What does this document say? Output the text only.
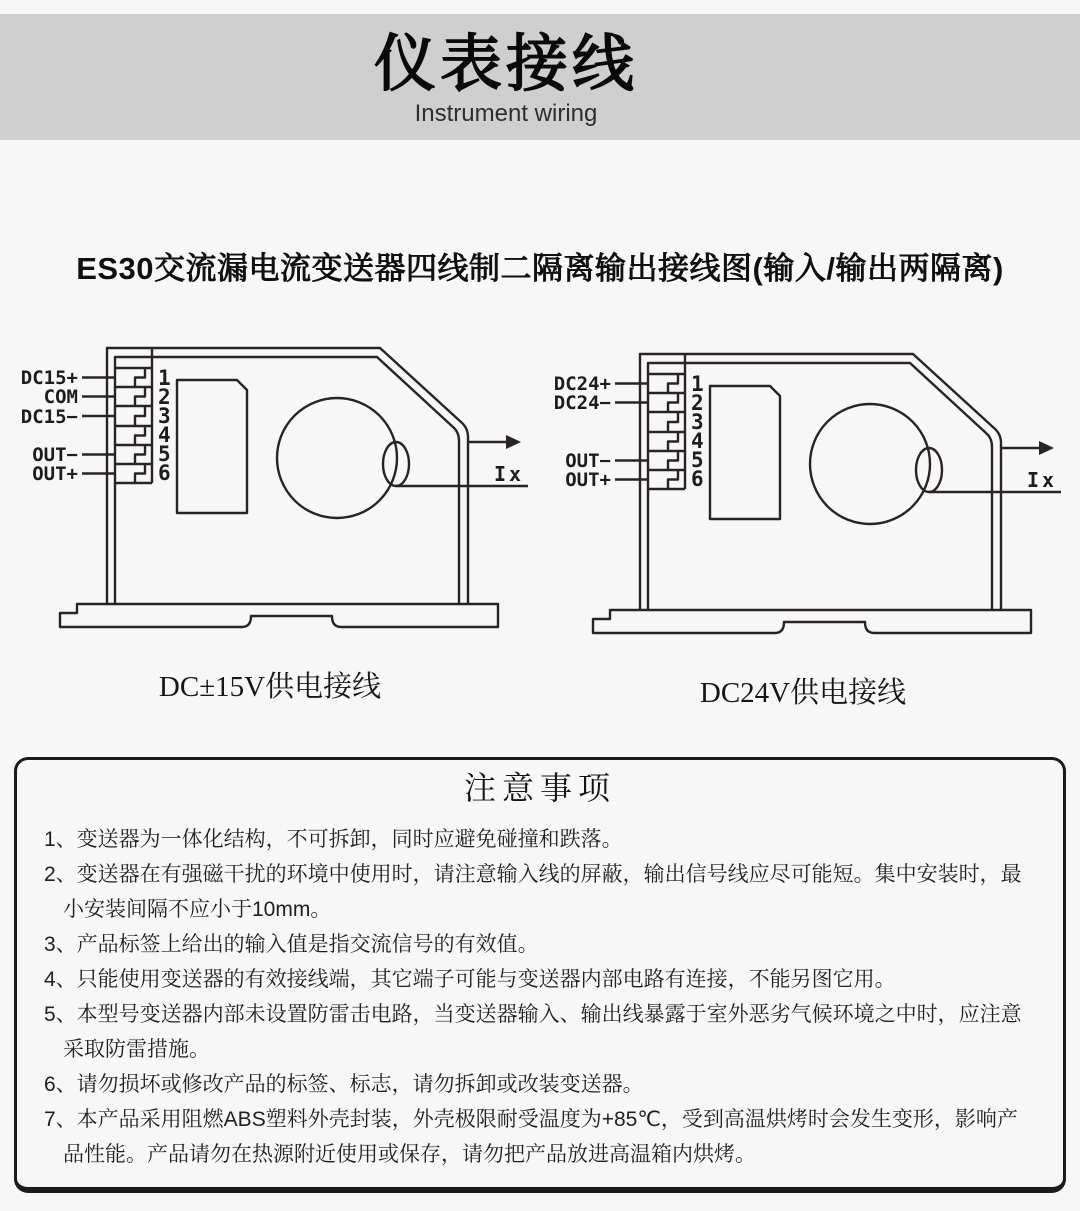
仪表接线
Instrument wiring
ES30交流漏电流变送器四线制二隔离输出接线图(输入/输出两隔离)
DC15+
COM
DC15−
OUT−
OUT+
1
2
3
4
5
6	Ix
DC24+
DC24−
OUT−
OUT+
1
2
3
4
5
6	Ix
DC±15V供电接线	DC24V供电接线
注意事项
1、变送器为一体化结构，不可拆卸，同时应避免碰撞和跌落。
2、变送器在有强磁干扰的环境中使用时，请注意输入线的屏蔽，输出信号线应尽可能短。集中安装时，最小安装间隔不应小于10mm。
3、产品标签上给出的输入值是指交流信号的有效值。
4、只能使用变送器的有效接线端，其它端子可能与变送器内部电路有连接，不能另图它用。
5、本型号变送器内部未设置防雷击电路，当变送器输入、输出线暴露于室外恶劣气候环境之中时，应注意采取防雷措施。
6、请勿损坏或修改产品的标签、标志，请勿拆卸或改装变送器。
7、本产品采用阻燃ABS塑料外壳封装，外壳极限耐受温度为+85℃，受到高温烘烤时会发生变形，影响产品性能。产品请勿在热源附近使用或保存，请勿把产品放进高温箱内烘烤。
